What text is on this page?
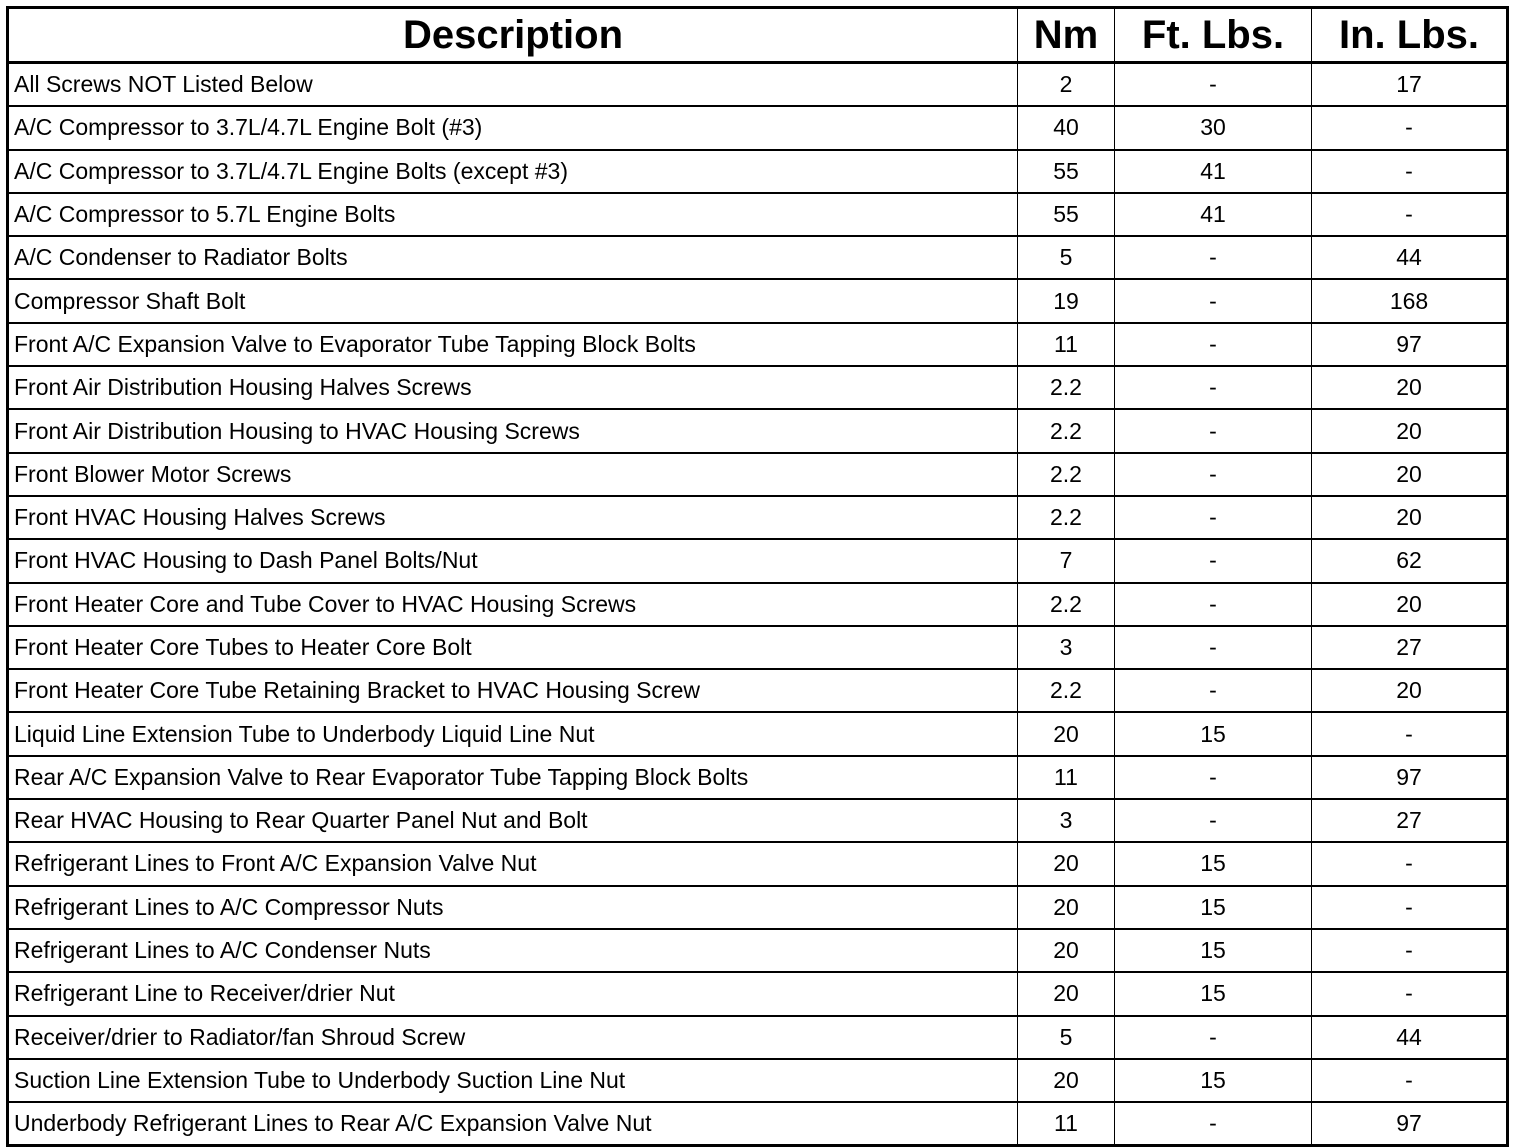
Description	Nm	Ft. Lbs.	In. Lbs.
All Screws NOT Listed Below	2	-	17
A/C Compressor to 3.7L/4.7L Engine Bolt (#3)	40	30	-
A/C Compressor to 3.7L/4.7L Engine Bolts (except #3)	55	41	-
A/C Compressor to 5.7L Engine Bolts	55	41	-
A/C Condenser to Radiator Bolts	5	-	44
Compressor Shaft Bolt	19	-	168
Front A/C Expansion Valve to Evaporator Tube Tapping Block Bolts	11	-	97
Front Air Distribution Housing Halves Screws	2.2	-	20
Front Air Distribution Housing to HVAC Housing Screws	2.2	-	20
Front Blower Motor Screws	2.2	-	20
Front HVAC Housing Halves Screws	2.2	-	20
Front HVAC Housing to Dash Panel Bolts/Nut	7	-	62
Front Heater Core and Tube Cover to HVAC Housing Screws	2.2	-	20
Front Heater Core Tubes to Heater Core Bolt	3	-	27
Front Heater Core Tube Retaining Bracket to HVAC Housing Screw	2.2	-	20
Liquid Line Extension Tube to Underbody Liquid Line Nut	20	15	-
Rear A/C Expansion Valve to Rear Evaporator Tube Tapping Block Bolts	11	-	97
Rear HVAC Housing to Rear Quarter Panel Nut and Bolt	3	-	27
Refrigerant Lines to Front A/C Expansion Valve Nut	20	15	-
Refrigerant Lines to A/C Compressor Nuts	20	15	-
Refrigerant Lines to A/C Condenser Nuts	20	15	-
Refrigerant Line to Receiver/drier Nut	20	15	-
Receiver/drier to Radiator/fan Shroud Screw	5	-	44
Suction Line Extension Tube to Underbody Suction Line Nut	20	15	-
Underbody Refrigerant Lines to Rear A/C Expansion Valve Nut	11	-	97
